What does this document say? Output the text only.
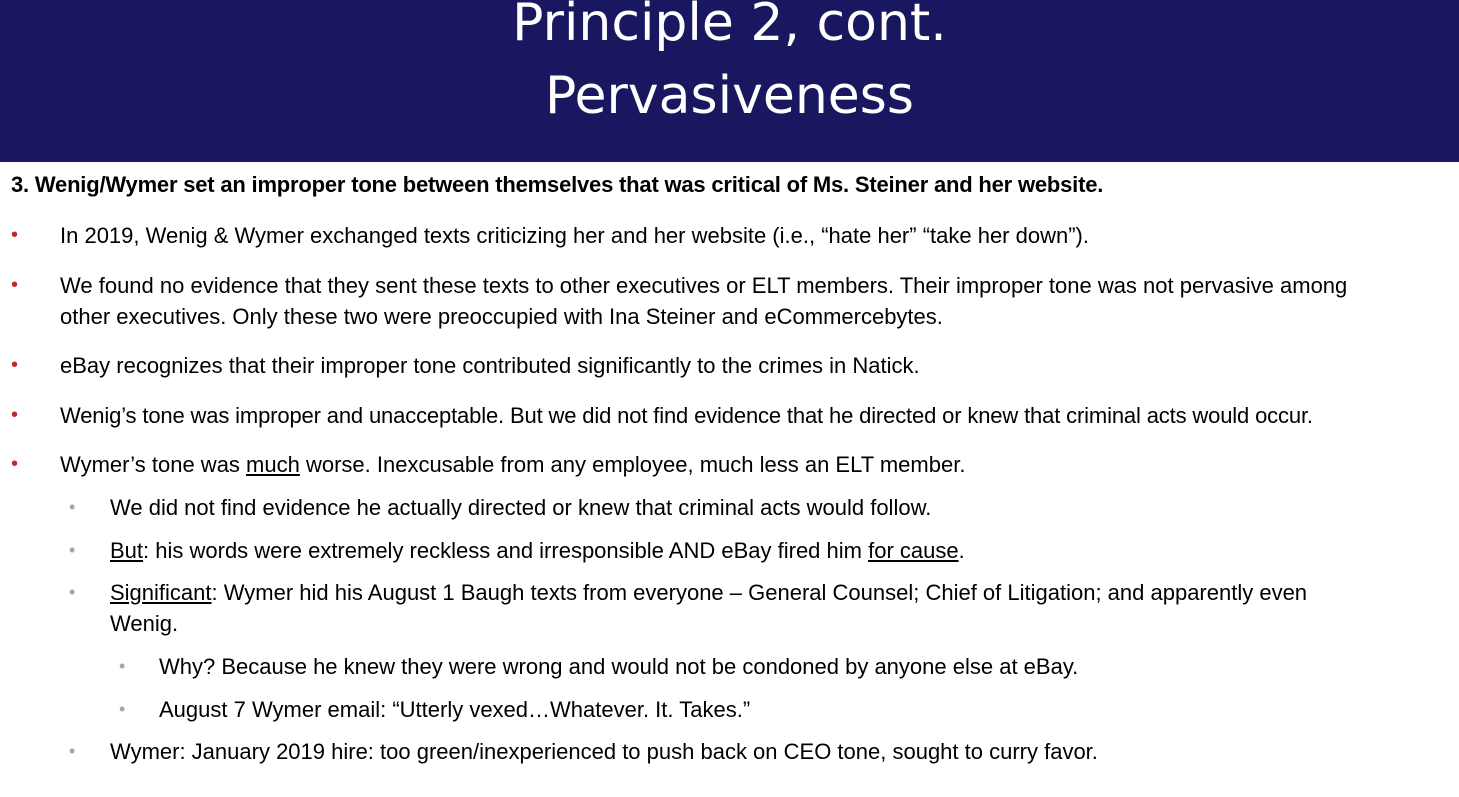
Principle 2, cont.
Pervasiveness
3. Wenig/Wymer set an improper tone between themselves that was critical of Ms. Steiner and her website.
• In 2019, Wenig & Wymer exchanged texts criticizing her and her website (i.e., “hate her” “take her down”).
• We found no evidence that they sent these texts to other executives or ELT members. Their improper tone was not pervasive among
other executives. Only these two were preoccupied with Ina Steiner and eCommercebytes.
• eBay recognizes that their improper tone contributed significantly to the crimes in Natick.
• Wenig’s tone was improper and unacceptable. But we did not find evidence that he directed or knew that criminal acts would occur.
• Wymer’s tone was much worse. Inexcusable from any employee, much less an ELT member.
• We did not find evidence he actually directed or knew that criminal acts would follow.
• But: his words were extremely reckless and irresponsible AND eBay fired him for cause.
• Significant: Wymer hid his August 1 Baugh texts from everyone – General Counsel; Chief of Litigation; and apparently even
Wenig.
• Why? Because he knew they were wrong and would not be condoned by anyone else at eBay.
• August 7 Wymer email: “Utterly vexed…Whatever. It. Takes.”
• Wymer: January 2019 hire: too green/inexperienced to push back on CEO tone, sought to curry favor.
